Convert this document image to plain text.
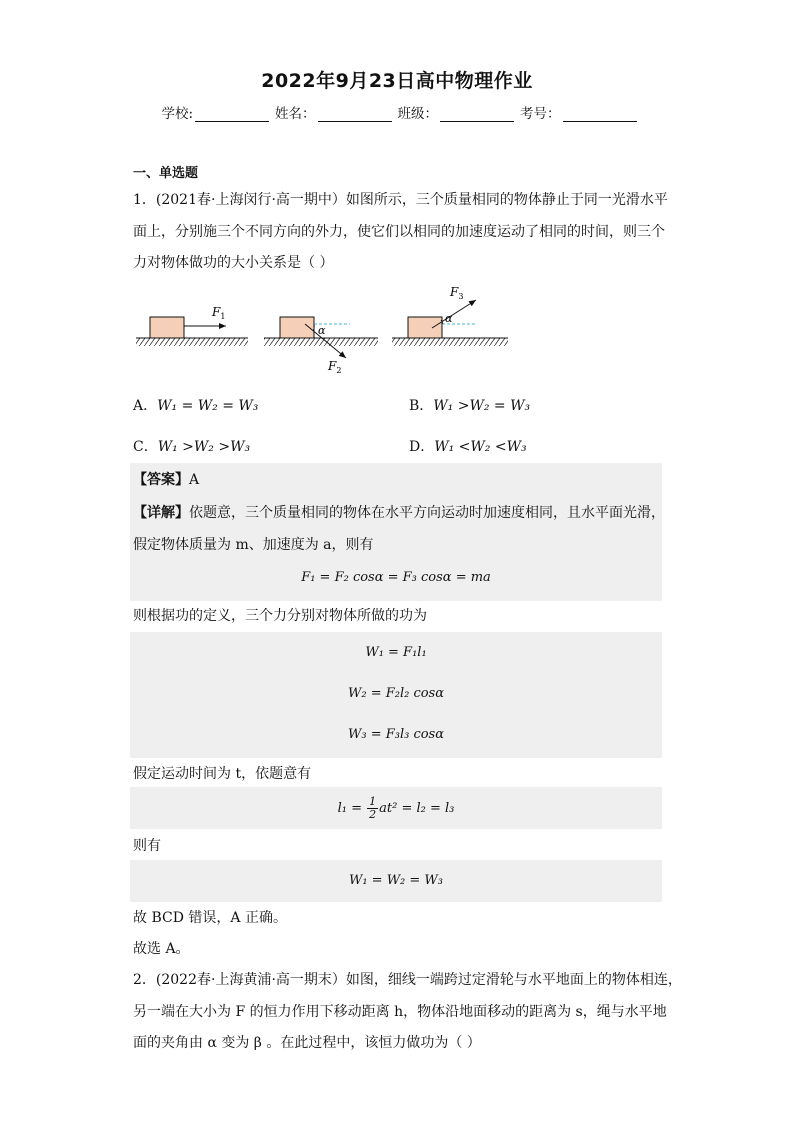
2022年9月23日高中物理作业
学校:	姓名：	班级：	考号：
一、单选题
1．(2021春·上海闵行·高一期中）如图所示，三个质量相同的物体静止于同一光滑水平
面上，分别施三个不同方向的外力，使它们以相同的加速度运动了相同的时间，则三个
力对物体做功的大小关系是（ ）
$F_1$
α
$F_2$
α
$F_3$
A．W₁ = W₂ = W₃	B．W₁ >W₂ = W₃
C．W₁ >W₂ >W₃	D．W₁ <W₂ <W₃
【答案】A
【详解】依题意，三个质量相同的物体在水平方向运动时加速度相同，且水平面光滑，
假定物体质量为 m、加速度为 a，则有
F₁ = F₂ cosα = F₃ cosα = ma
则根据功的定义，三个力分别对物体所做的功为
W₁ = F₁l₁
W₂ = F₂l₂ cosα
W₃ = F₃l₃ cosα
假定运动时间为 t，依题意有
$l_1 = \frac{1}{2} at^2 = l_2 = l_3$
则有
W₁ = W₂ = W₃
故 BCD 错误，A 正确。
故选 A。
2．(2022春·上海黄浦·高一期末）如图，细线一端跨过定滑轮与水平地面上的物体相连，
另一端在大小为 F 的恒力作用下移动距离 h，物体沿地面移动的距离为 s，绳与水平地
面的夹角由 α 变为 β 。在此过程中，该恒力做功为（ ）
